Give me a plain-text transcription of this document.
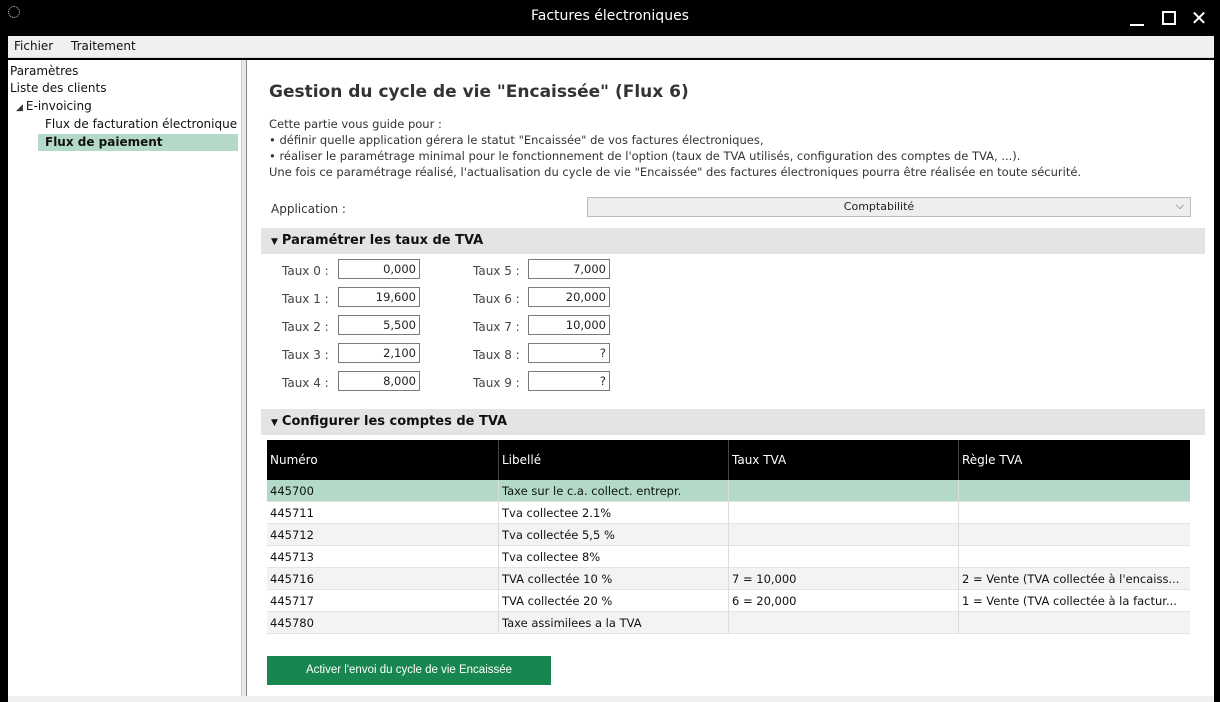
Factures électroniques	✕
Fichier Traitement
Paramètres
Liste des clients
◢ E-invoicing
Flux de facturation électronique
Flux de paiement
Gestion du cycle de vie "Encaissée" (Flux 6)
Cette partie vous guide pour :
• définir quelle application gérera le statut "Encaissée" de vos factures électroniques,
• réaliser le paramétrage minimal pour le fonctionnement de l'option (taux de TVA utilisés, configuration des comptes de TVA, ...).
Une fois ce paramétrage réalisé, l'actualisation du cycle de vie "Encaissée" des factures électroniques pourra être réalisée en toute sécurité.
Application :	Comptabilité	⌵
▼ Paramétrer les taux de TVA
Taux 0 :	0,000
Taux 1 :	19,600
Taux 2 :	5,500
Taux 3 :	2,100
Taux 4 :	8,000
Taux 5 :	7,000
Taux 6 :	20,000
Taux 7 :	10,000
Taux 8 :	?
Taux 9 :	?
▼ Configurer les comptes de TVA
Numéro	Libellé	Taux TVA	Règle TVA
445700	Taxe sur le c.a. collect. entrepr.
445711	Tva collectee 2.1%
445712	Tva collectée 5,5 %
445713	Tva collectee 8%
445716	TVA collectée 10 %	7 = 10,000	2 = Vente (TVA collectée à l'encaiss...
445717	TVA collectée 20 %	6 = 20,000	1 = Vente (TVA collectée à la factur...
445780	Taxe assimilees a la TVA
Activer l'envoi du cycle de vie Encaissée
